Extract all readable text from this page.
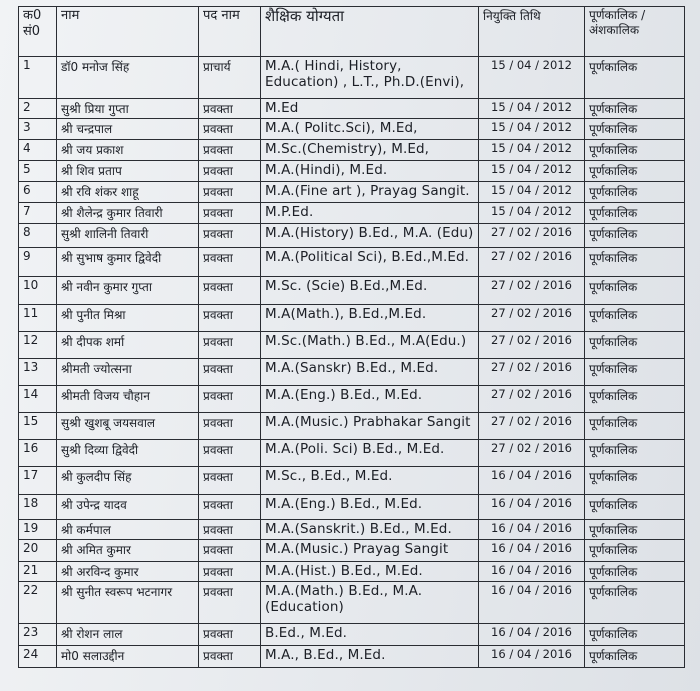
क0 सं0	नाम	पद नाम	शैक्षिक योग्यता	नियुक्ति तिथि	पूर्णकालिक / अंशकालिक
1	डॉ0 मनोज सिंह	प्राचार्य	M.A.( Hindi, History, Education) , L.T., Ph.D.(Envi),	15 / 04 / 2012	पूर्णकालिक
2	सुश्री प्रिया गुप्ता	प्रवक्ता	M.Ed	15 / 04 / 2012	पूर्णकालिक
3	श्री चन्द्रपाल	प्रवक्ता	M.A.( Politc.Sci), M.Ed,	15 / 04 / 2012	पूर्णकालिक
4	श्री जय प्रकाश	प्रवक्ता	M.Sc.(Chemistry), M.Ed,	15 / 04 / 2012	पूर्णकालिक
5	श्री शिव प्रताप	प्रवक्ता	M.A.(Hindi), M.Ed.	15 / 04 / 2012	पूर्णकालिक
6	श्री रवि शंकर शाहू	प्रवक्ता	M.A.(Fine art ), Prayag Sangit.	15 / 04 / 2012	पूर्णकालिक
7	श्री शैलेन्द्र कुमार तिवारी	प्रवक्ता	M.P.Ed.	15 / 04 / 2012	पूर्णकालिक
8	सुश्री शालिनी तिवारी	प्रवक्ता	M.A.(History) B.Ed., M.A. (Edu)	27 / 02 / 2016	पूर्णकालिक
9	श्री सुभाष कुमार द्विवेदी	प्रवक्ता	M.A.(Political Sci), B.Ed.,M.Ed.	27 / 02 / 2016	पूर्णकालिक
10	श्री नवीन कुमार गुप्ता	प्रवक्ता	M.Sc. (Scie) B.Ed.,M.Ed.	27 / 02 / 2016	पूर्णकालिक
11	श्री पुनीत मिश्रा	प्रवक्ता	M.A(Math.), B.Ed.,M.Ed.	27 / 02 / 2016	पूर्णकालिक
12	श्री दीपक शर्मा	प्रवक्ता	M.Sc.(Math.) B.Ed., M.A(Edu.)	27 / 02 / 2016	पूर्णकालिक
13	श्रीमती ज्योत्सना	प्रवक्ता	M.A.(Sanskr) B.Ed., M.Ed.	27 / 02 / 2016	पूर्णकालिक
14	श्रीमती विजय चौहान	प्रवक्ता	M.A.(Eng.) B.Ed., M.Ed.	27 / 02 / 2016	पूर्णकालिक
15	सुश्री खुशबू जयसवाल	प्रवक्ता	M.A.(Music.) Prabhakar Sangit	27 / 02 / 2016	पूर्णकालिक
16	सुश्री दिव्या द्विवेदी	प्रवक्ता	M.A.(Poli. Sci) B.Ed., M.Ed.	27 / 02 / 2016	पूर्णकालिक
17	श्री कुलदीप सिंह	प्रवक्ता	M.Sc., B.Ed., M.Ed.	16 / 04 / 2016	पूर्णकालिक
18	श्री उपेन्द्र यादव	प्रवक्ता	M.A.(Eng.) B.Ed., M.Ed.	16 / 04 / 2016	पूर्णकालिक
19	श्री कर्मपाल	प्रवक्ता	M.A.(Sanskrit.) B.Ed., M.Ed.	16 / 04 / 2016	पूर्णकालिक
20	श्री अमित कुमार	प्रवक्ता	M.A.(Music.) Prayag Sangit	16 / 04 / 2016	पूर्णकालिक
21	श्री अरविन्द कुमार	प्रवक्ता	M.A.(Hist.) B.Ed., M.Ed.	16 / 04 / 2016	पूर्णकालिक
22	श्री सुनीत स्वरूप भटनागर	प्रवक्ता	M.A.(Math.) B.Ed., M.A. (Education)	16 / 04 / 2016	पूर्णकालिक
23	श्री रोशन लाल	प्रवक्ता	B.Ed., M.Ed.	16 / 04 / 2016	पूर्णकालिक
24	मो0 सलाउद्दीन	प्रवक्ता	M.A., B.Ed., M.Ed.	16 / 04 / 2016	पूर्णकालिक
